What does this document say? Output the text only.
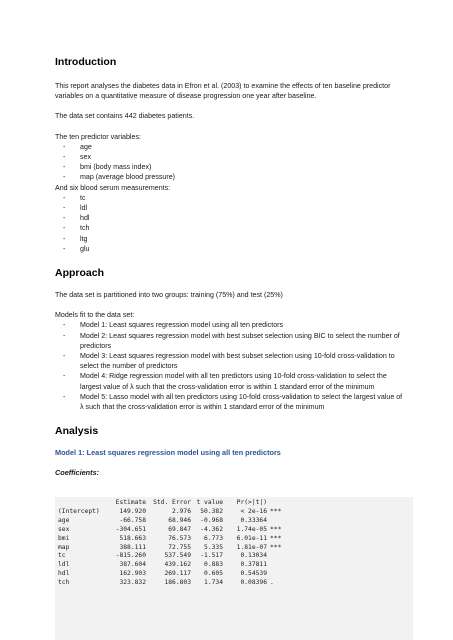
Introduction

This report analyses the diabetes data in Efron et al. (2003) to examine the effects of ten baseline predictor variables on a quantitative measure of disease progression one year after baseline.

The data set contains 442 diabetes patients.

The ten predictor variables:

- age
- sex
- bmi (body mass index)
- map (average blood pressure)

And six blood serum measurements:

- tc
- ldl
- hdl
- tch
- ltg
- glu
Approach

The data set is partitioned into two groups: training (75%) and test (25%)

Models fit to the data set:

- Model 1: Least squares regression model using all ten predictors
- Model 2: Least squares regression model with best subset selection using BIC to select the number of predictors
- Model 3: Least squares regression model with best subset selection using 10-fold cross-validation to select the number of predictors
- Model 4: Ridge regression model with all ten predictors using 10-fold cross-validation to select the largest value of λ such that the cross-validation error is within 1 standard error of the minimum
- Model 5: Lasso model with all ten predictors using 10-fold cross-validation to select the largest value of λ such that the cross-validation error is within 1 standard error of the minimum
Analysis

Model 1: Least squares regression model using all ten predictors

Coefficients:

	Estimate	Std. Error	t value	Pr(>|t|)	
(Intercept)	149.920	2.976	50.382	< 2e-16	***
age	-66.758	68.946	-0.968	0.33364	
sex	-304.651	69.847	-4.362	1.74e-05	***
bmi	518.663	76.573	6.773	6.01e-11	***
map	388.111	72.755	5.335	1.81e-07	***
tc	-815.260	537.549	-1.517	0.13034	
ldl	387.604	439.162	0.883	0.37811	
hdl	162.903	269.117	0.605	0.54539	
tch	323.832	186.803	1.734	0.08396	.
